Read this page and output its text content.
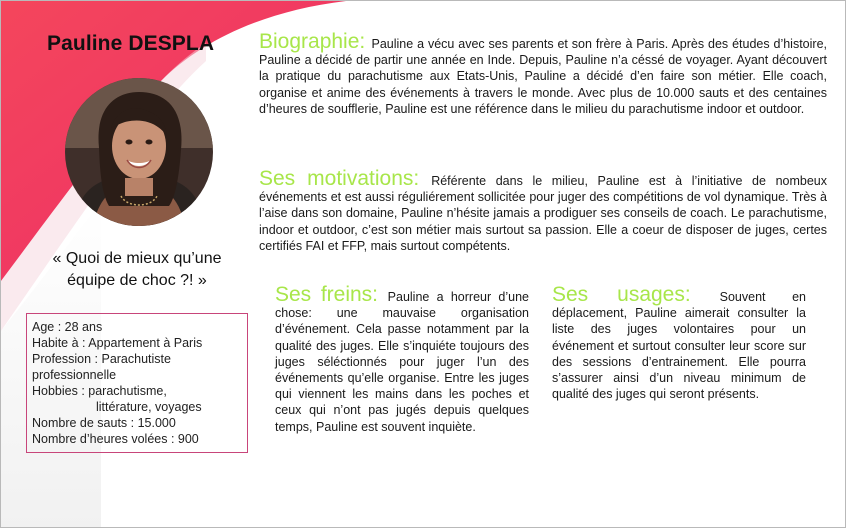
Pauline DESPLA
« Quoi de mieux qu’une
équipe de choc ?! »
Age : 28 ans
Habite à : Appartement à Paris
Profession : Parachutiste
professionnelle
Hobbies : parachutisme,
littérature, voyages
Nombre de sauts : 15.000
Nombre d’heures volées : 900
Biographie: Pauline a vécu avec ses parents et son frère à Paris. Après des études d’histoire, Pauline a décidé de partir une année en Inde. Depuis, Pauline n’a céssé de voyager. Ayant découvert la pratique du parachutisme aux Etats-Unis, Pauline a décidé d’en faire son métier. Elle coach, organise et anime des événements à travers le monde. Avec plus de 10.000 sauts et des centaines d’heures de soufflerie, Pauline est une référence dans le milieu du parachutisme indoor et outdoor.
Ses motivations: Référente dans le milieu, Pauline est à l’initiative de nombeux événements et est aussi réguliérement sollicitée pour juger des compétitions de vol dynamique. Très à l’aise dans son domaine, Pauline n’hésite jamais a prodiguer ses conseils de coach. Le parachutisme, indoor et outdoor, c’est son métier mais surtout sa passion. Elle a coeur de disposer de juges, certes certifiés FAI et FFP, mais surtout compétents.
Ses freins: Pauline a horreur d’une chose: une mauvaise organisation d’événement. Cela passe notamment par la qualité des juges. Elle s’inquiéte toujours des juges séléctionnés pour juger l’un des événements qu’elle organise. Entre les juges qui viennent les mains dans les poches et ceux qui n’ont pas jugés depuis quelques temps, Pauline est souvent inquiète.
Ses usages: Souvent en déplacement, Pauline aimerait consulter la liste des juges volontaires pour un événement et surtout consulter leur score sur des sessions d’entrainement. Elle pourra s’assurer ainsi d’un niveau minimum de qualité des juges qui seront présents.
